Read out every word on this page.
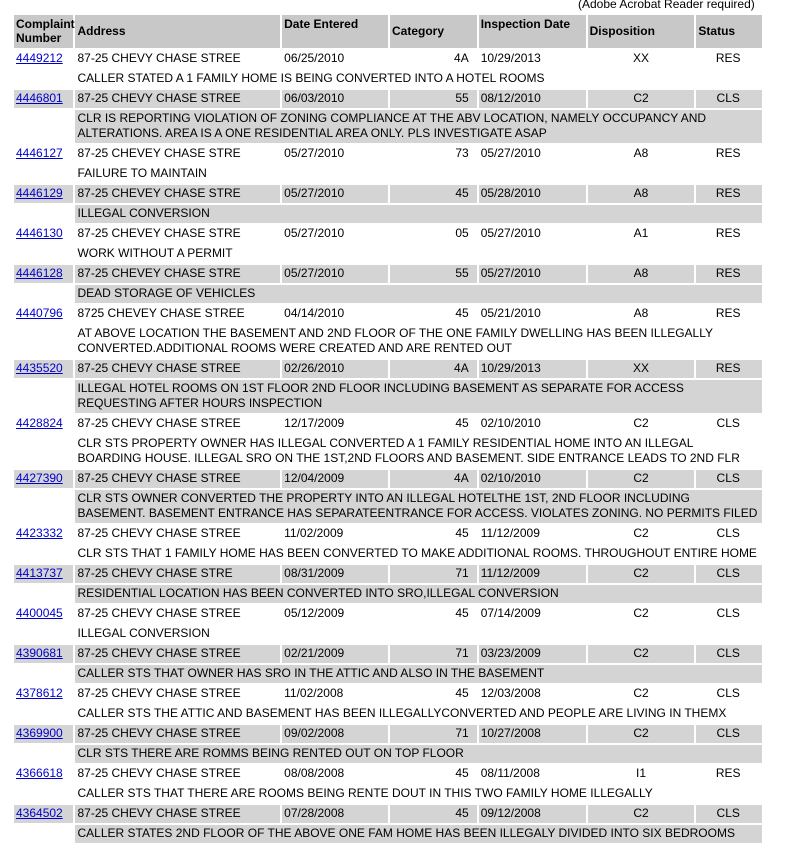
(Adobe Acrobat Reader required)
Complaint Number	Address	Date Entered	Category	Inspection Date	Disposition	Status
4449212	87-25 CHEVY CHASE STREE	06/25/2010	4A	10/29/2013	XX	RES
	CALLER STATED A 1 FAMILY HOME IS BEING CONVERTED INTO A HOTEL ROOMS					
4446801	87-25 CHEVY CHASE STREE	06/03/2010	55	08/12/2010	C2	CLS
	CLR IS REPORTING VIOLATION OF ZONING COMPLIANCE AT THE ABV LOCATION, NAMELY OCCUPANCY AND ALTERATIONS. AREA IS A ONE RESIDENTIAL AREA ONLY. PLS INVESTIGATE ASAP					
4446127	87-25 CHEVEY CHASE STRE	05/27/2010	73	05/27/2010	A8	RES
	FAILURE TO MAINTAIN					
4446129	87-25 CHEVEY CHASE STRE	05/27/2010	45	05/28/2010	A8	RES
	ILLEGAL CONVERSION					
4446130	87-25 CHEVEY CHASE STRE	05/27/2010	05	05/27/2010	A1	RES
	WORK WITHOUT A PERMIT					
4446128	87-25 CHEVEY CHASE STRE	05/27/2010	55	05/27/2010	A8	RES
	DEAD STORAGE OF VEHICLES					
4440796	8725 CHEVEY CHASE STREE	04/14/2010	45	05/21/2010	A8	RES
	AT ABOVE LOCATION THE BASEMENT AND 2ND FLOOR OF THE ONE FAMILY DWELLING HAS BEEN ILLEGALLY CONVERTED.ADDITIONAL ROOMS WERE CREATED AND ARE RENTED OUT					
4435520	87-25 CHEVY CHASE STREE	02/26/2010	4A	10/29/2013	XX	RES
	ILLEGAL HOTEL ROOMS ON 1ST FLOOR 2ND FLOOR INCLUDING BASEMENT AS SEPARATE FOR ACCESS REQUESTING AFTER HOURS INSPECTION					
4428824	87-25 CHEVY CHASE STREE	12/17/2009	45	02/10/2010	C2	CLS
	CLR STS PROPERTY OWNER HAS ILLEGAL CONVERTED A 1 FAMILY RESIDENTIAL HOME INTO AN ILLEGAL BOARDING HOUSE. ILLEGAL SRO ON THE 1ST,2ND FLOORS AND BASEMENT. SIDE ENTRANCE LEADS TO 2ND FLR					
4427390	87-25 CHEVY CHASE STREE	12/04/2009	4A	02/10/2010	C2	CLS
	CLR STS OWNER CONVERTED THE PROPERTY INTO AN ILLEGAL HOTELTHE 1ST, 2ND FLOOR INCLUDING BASEMENT. BASEMENT ENTRANCE HAS SEPARATEENTRANCE FOR ACCESS. VIOLATES ZONING. NO PERMITS FILED					
4423332	87-25 CHEVY CHASE STREE	11/02/2009	45	11/12/2009	C2	CLS
	CLR STS THAT 1 FAMILY HOME HAS BEEN CONVERTED TO MAKE ADDITIONAL ROOMS. THROUGHOUT ENTIRE HOME					
4413737	87-25 CHEVY CHASE STRE	08/31/2009	71	11/12/2009	C2	CLS
	RESIDENTIAL LOCATION HAS BEEN CONVERTED INTO SRO,ILLEGAL CONVERSION					
4400045	87-25 CHEVY CHASE STREE	05/12/2009	45	07/14/2009	C2	CLS
	ILLEGAL CONVERSION					
4390681	87-25 CHEVY CHASE STREE	02/21/2009	71	03/23/2009	C2	CLS
	CALLER STS THAT OWNER HAS SRO IN THE ATTIC AND ALSO IN THE BASEMENT					
4378612	87-25 CHEVY CHASE STREE	11/02/2008	45	12/03/2008	C2	CLS
	CALLER STS THE ATTIC AND BASEMENT HAS BEEN ILLEGALLYCONVERTED AND PEOPLE ARE LIVING IN THEMX					
4369900	87-25 CHEVY CHASE STREE	09/02/2008	71	10/27/2008	C2	CLS
	CLR STS THERE ARE ROMMS BEING RENTED OUT ON TOP FLOOR					
4366618	87-25 CHEVY CHASE STREE	08/08/2008	45	08/11/2008	I1	RES
	CALLER STS THAT THERE ARE ROOMS BEING RENTE DOUT IN THIS TWO FAMILY HOME ILLEGALLY					
4364502	87-25 CHEVY CHASE STREE	07/28/2008	45	09/12/2008	C2	CLS
	CALLER STATES 2ND FLOOR OF THE ABOVE ONE FAM HOME HAS BEEN ILLEGALY DIVIDED INTO SIX BEDROOMS					
